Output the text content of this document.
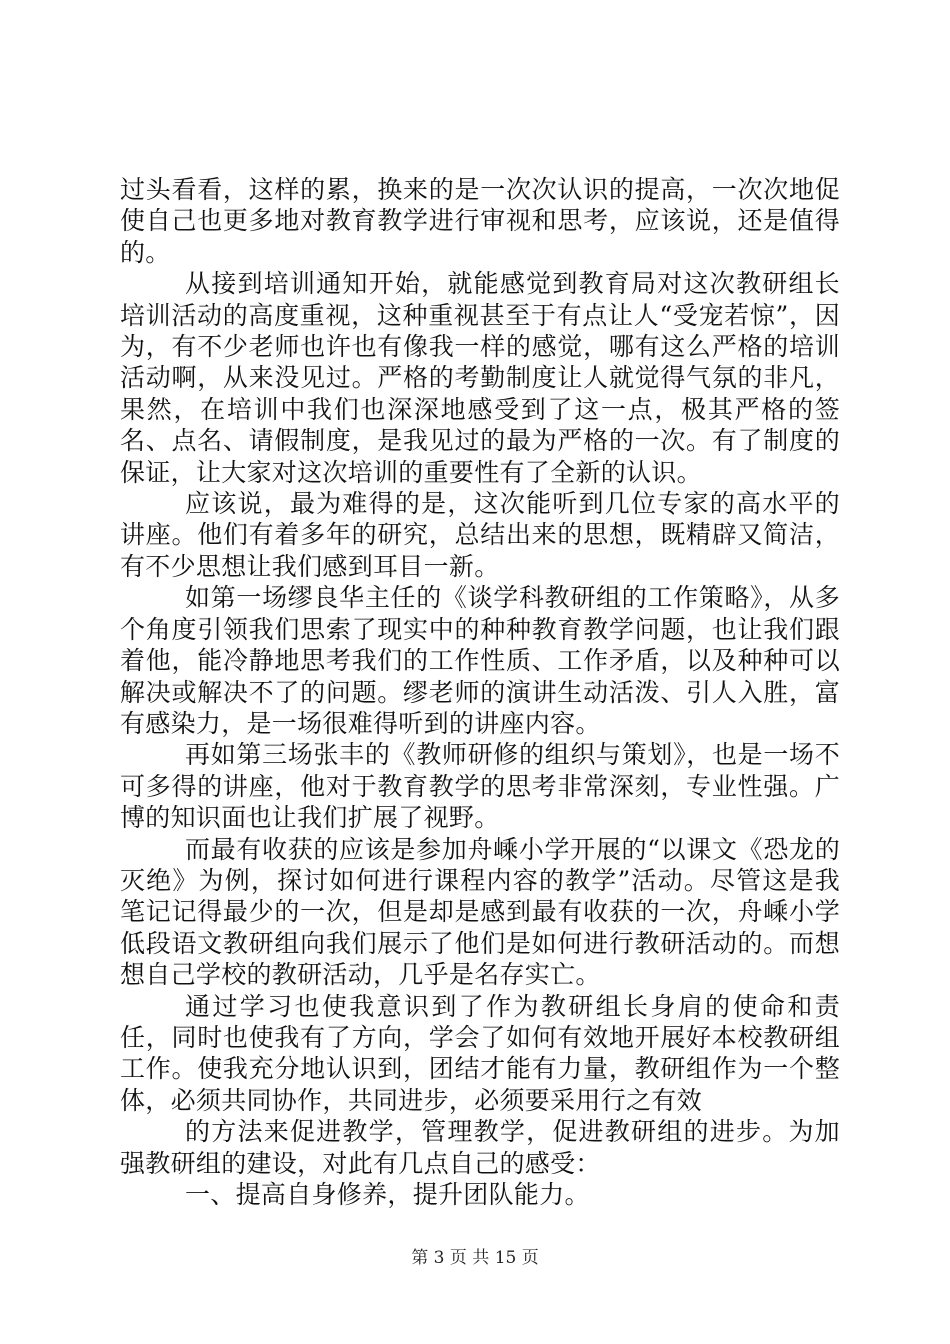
过头看看，这样的累，换来的是一次次认识的提高，一次次地促使自己也更多地对教育教学进行审视和思考，应该说，还是值得的。

从接到培训通知开始，就能感觉到教育局对这次教研组长培训活动的高度重视，这种重视甚至于有点让人“受宠若惊”，因为，有不少老师也许也有像我一样的感觉，哪有这么严格的培训活动啊，从来没见过。严格的考勤制度让人就觉得气氛的非凡，果然，在培训中我们也深深地感受到了这一点，极其严格的签名、点名、请假制度，是我见过的最为严格的一次。有了制度的保证，让大家对这次培训的重要性有了全新的认识。

应该说，最为难得的是，这次能听到几位专家的高水平的讲座。他们有着多年的研究，总结出来的思想，既精辟又简洁，有不少思想让我们感到耳目一新。

如第一场缪良华主任的《谈学科教研组的工作策略》，从多个角度引领我们思索了现实中的种种教育教学问题，也让我们跟着他，能冷静地思考我们的工作性质、工作矛盾，以及种种可以解决或解决不了的问题。缪老师的演讲生动活泼、引人入胜，富有感染力，是一场很难得听到的讲座内容。

再如第三场张丰的《教师研修的组织与策划》，也是一场不可多得的讲座，他对于教育教学的思考非常深刻，专业性强。广博的知识面也让我们扩展了视野。

而最有收获的应该是参加舟嵊小学开展的“以课文《恐龙的灭绝》为例，探讨如何进行课程内容的教学”活动。尽管这是我笔记记得最少的一次，但是却是感到最有收获的一次，舟嵊小学低段语文教研组向我们展示了他们是如何进行教研活动的。而想想自己学校的教研活动，几乎是名存实亡。

通过学习也使我意识到了作为教研组长身肩的使命和责任，同时也使我有了方向，学会了如何有效地开展好本校教研组工作。使我充分地认识到，团结才能有力量，教研组作为一个整体，必须共同协作，共同进步，必须要采用行之有效

的方法来促进教学，管理教学，促进教研组的进步。为加强教研组的建设，对此有几点自己的感受：

一、提高自身修养，提升团队能力。

第 3 页 共 15 页
